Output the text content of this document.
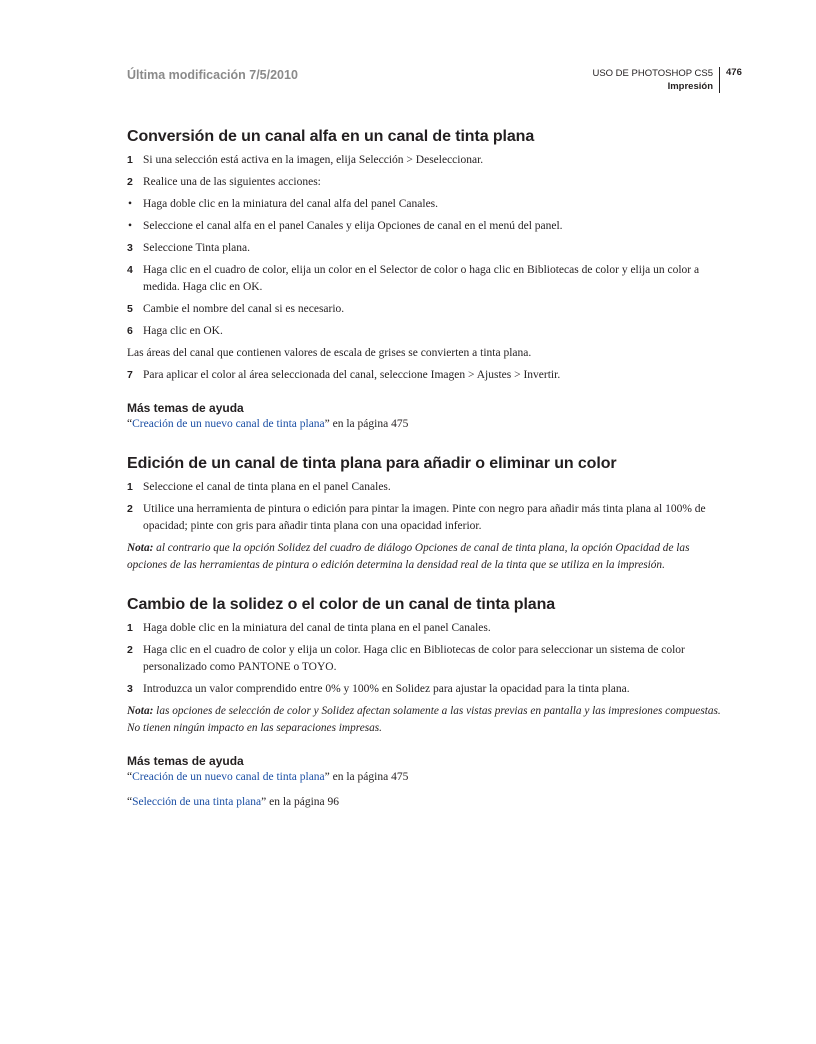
Última modificación 7/5/2010	USO DE PHOTOSHOP CS5
Impresión
476
Conversión de un canal alfa en un canal de tinta plana
1 Si una selección está activa en la imagen, elija Selección > Deseleccionar.
2 Realice una de las siguientes acciones:
• Haga doble clic en la miniatura del canal alfa del panel Canales.
• Seleccione el canal alfa en el panel Canales y elija Opciones de canal en el menú del panel.
3 Seleccione Tinta plana.
4 Haga clic en el cuadro de color, elija un color en el Selector de color o haga clic en Bibliotecas de color y elija un color a medida. Haga clic en OK.
5 Cambie el nombre del canal si es necesario.
6 Haga clic en OK.
Las áreas del canal que contienen valores de escala de grises se convierten a tinta plana.
7 Para aplicar el color al área seleccionada del canal, seleccione Imagen > Ajustes > Invertir.
Más temas de ayuda
“Creación de un nuevo canal de tinta plana” en la página 475
Edición de un canal de tinta plana para añadir o eliminar un color
1 Seleccione el canal de tinta plana en el panel Canales.
2 Utilice una herramienta de pintura o edición para pintar la imagen. Pinte con negro para añadir más tinta plana al 100% de opacidad; pinte con gris para añadir tinta plana con una opacidad inferior.
Nota: al contrario que la opción Solidez del cuadro de diálogo Opciones de canal de tinta plana, la opción Opacidad de las opciones de las herramientas de pintura o edición determina la densidad real de la tinta que se utiliza en la impresión.
Cambio de la solidez o el color de un canal de tinta plana
1 Haga doble clic en la miniatura del canal de tinta plana en el panel Canales.
2 Haga clic en el cuadro de color y elija un color. Haga clic en Bibliotecas de color para seleccionar un sistema de color personalizado como PANTONE o TOYO.
3 Introduzca un valor comprendido entre 0% y 100% en Solidez para ajustar la opacidad para la tinta plana.
Nota: las opciones de selección de color y Solidez afectan solamente a las vistas previas en pantalla y las impresiones compuestas. No tienen ningún impacto en las separaciones impresas.
Más temas de ayuda
“Creación de un nuevo canal de tinta plana” en la página 475
“Selección de una tinta plana” en la página 96
